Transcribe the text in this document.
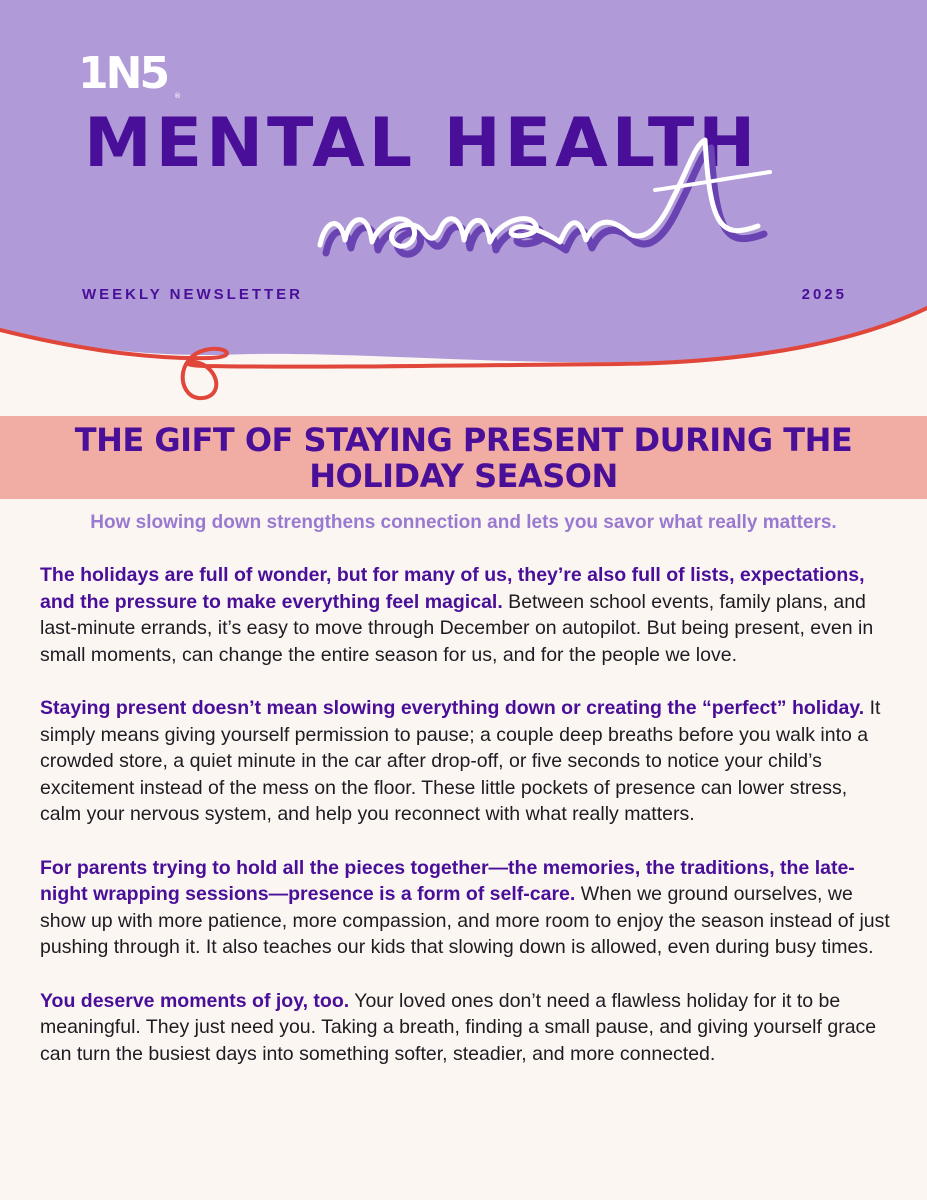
1N5 ®
MENTAL HEALTH
WEEKLY NEWSLETTER	2025
THE GIFT OF STAYING PRESENT DURING THE HOLIDAY SEASON
How slowing down strengthens connection and lets you savor what really matters.

The holidays are full of wonder, but for many of us, they’re also full of lists, expectations, and the pressure to make everything feel magical. Between school events, family plans, and last-minute errands, it’s easy to move through December on autopilot. But being present, even in small moments, can change the entire season for us, and for the people we love.

Staying present doesn’t mean slowing everything down or creating the “perfect” holiday. It simply means giving yourself permission to pause; a couple deep breaths before you walk into a crowded store, a quiet minute in the car after drop-off, or five seconds to notice your child’s excitement instead of the mess on the floor. These little pockets of presence can lower stress, calm your nervous system, and help you reconnect with what really matters.

For parents trying to hold all the pieces together—the memories, the traditions, the late-night wrapping sessions—presence is a form of self-care. When we ground ourselves, we show up with more patience, more compassion, and more room to enjoy the season instead of just pushing through it. It also teaches our kids that slowing down is allowed, even during busy times.

You deserve moments of joy, too. Your loved ones don’t need a flawless holiday for it to be meaningful. They just need you. Taking a breath, finding a small pause, and giving yourself grace can turn the busiest days into something softer, steadier, and more connected.
